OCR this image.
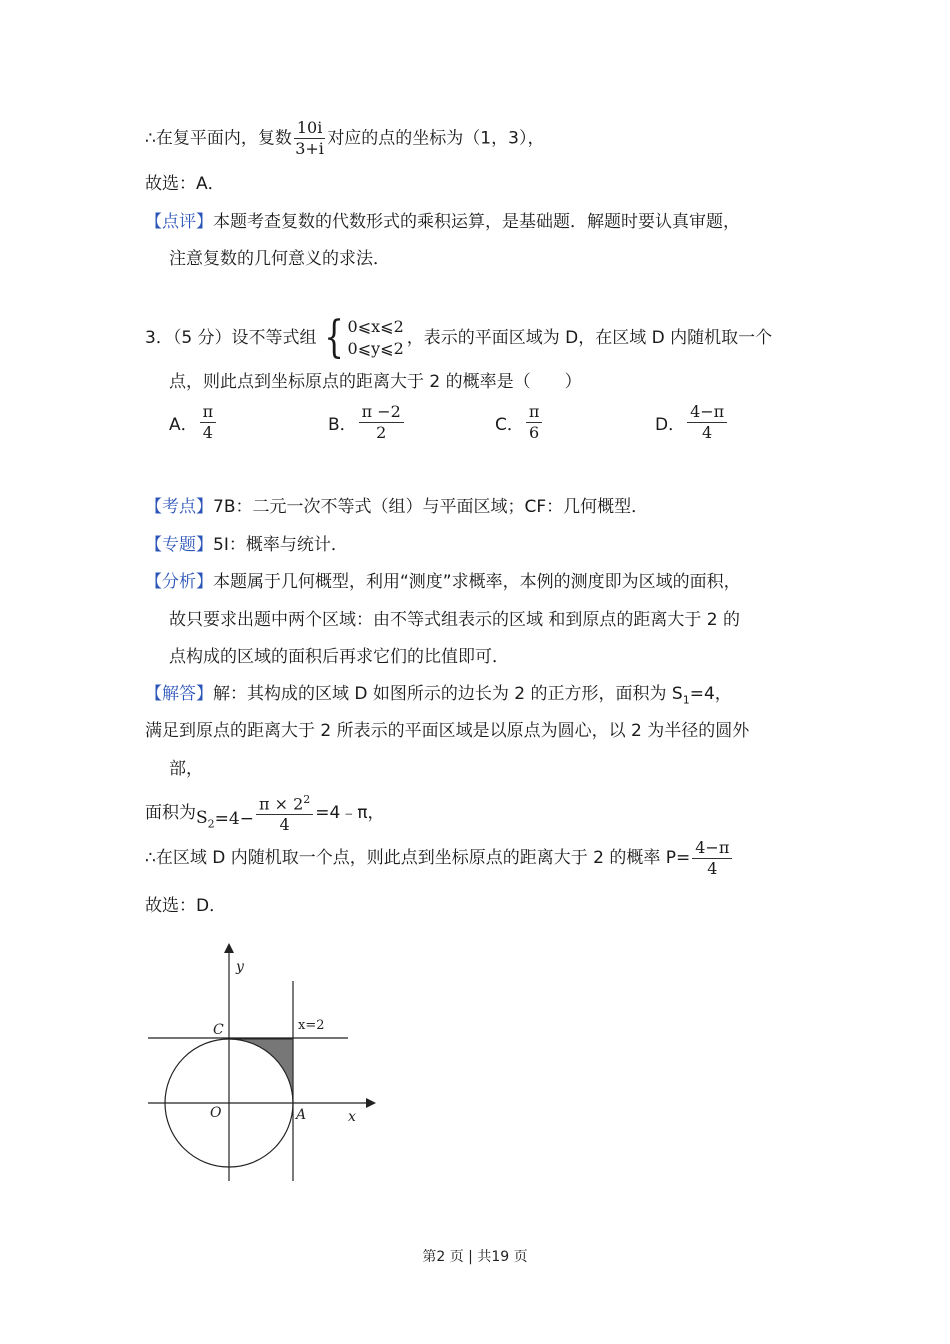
∴在复平面内，复数 $\frac{10i}{3+i}$ 对应的点的坐标为（1，3），
故选：A．
【点评】本题考查复数的代数形式的乘积运算，是基础题．解题时要认真审题，
注意复数的几何意义的求法．
3．（5 分）设不等式组 { 0⩽x⩽2
0⩽y⩽2
，表示的平面区域为 D，在区域 D 内随机取一个
点，则此点到坐标原点的距离大于 2 的概率是（　　）
A． $\frac{\pi}{4}$	B． $\frac{\pi -2}{2}$	C． $\frac{\pi}{6}$	D． $\frac{4-\pi}{4}$
【考点】7B：二元一次不等式（组）与平面区域；CF：几何概型．
【专题】5I：概率与统计．
【分析】本题属于几何概型，利用“测度”求概率，本例的测度即为区域的面积，
故只要求出题中两个区域：由不等式组表示的区域 和到原点的距离大于 2 的
点构成的区域的面积后再求它们的比值即可．
【解答】解：其构成的区域 D 如图所示的边长为 2 的正方形，面积为 $S_1=4$，
满足到原点的距离大于 2 所表示的平面区域是以原点为圆心，以 2 为半径的圆外
部，
面积为 $S_2 =4- \frac{\pi \times 2^2}{4}$ =4﹣π，
∴在区域 D 内随机取一个点，则此点到坐标原点的距离大于 2 的概率 $P= \frac{4-\pi}{4}$
故选：D．
y
x
O	A
C	x=2
第2 页 | 共19 页
